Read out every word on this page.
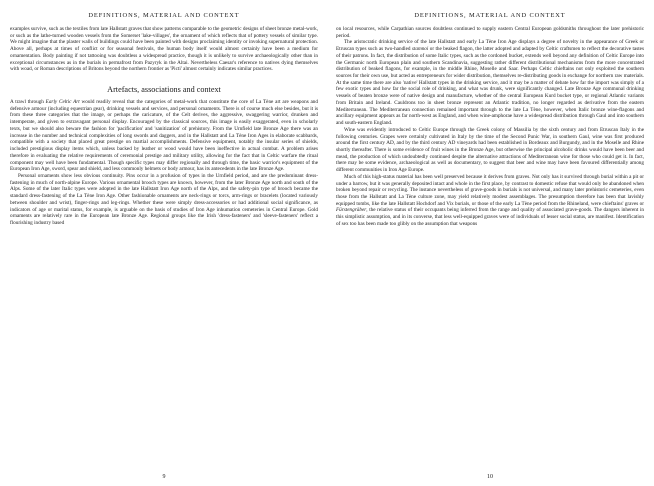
DEFINITIONS, MATERIAL AND CONTEXT

examples survive, such as the textiles from late Hallstatt graves that show patterns comparable to the geometric designs of sheet bronze metal-work, or such as the lathe-turned wooden vessels from the Somerset 'lake-villages', the ornament of which reflects that of pottery vessels of similar type. We might imagine that the plaster walls of buildings could have been painted with designs proclaiming identity or invoking supernatural protection. Above all, perhaps at times of conflict or for seasonal festivals, the human body itself would almost certainly have been a medium for ornamentation. Body painting if not tattooing was doubtless a widespread practice, though it is unlikely to survive archaeologically other than in exceptional circumstances as in the burials in permafrost from Pazyryk in the Altai. Nevertheless Caesar's reference to natives dying themselves with woad, or Roman descriptions of Britons beyond the northern frontier as 'Picti' almost certainly indicates similar practices.

Artefacts, associations and context

A trawl through Early Celtic Art would readily reveal that the categories of metal-work that constitute the core of La Tène art are weapons and defensive armour (including equestrian gear), drinking vessels and services, and personal ornaments. There is of course much else besides, but it is from these three categories that the image, or perhaps the caricature, of the Celt derives, the aggressive, swaggering warrior, drunken and intemperate, and given to extravagant personal display. Encouraged by the classical sources, this image is easily exaggerated, even in scholarly texts, but we should also beware the fashion for 'pacification' and 'sanitization' of prehistory. From the Urnfield late Bronze Age there was an increase in the number and technical complexities of long swords and daggers, and in the Hallstatt and La Tène Iron Ages in elaborate scabbards, compatible with a society that placed great prestige on martial accomplishments. Defensive equipment, notably the insular series of shields, included prestigious display items which, unless backed by leather or wood would have been ineffective in actual combat. A problem arises therefore in evaluating the relative requirements of ceremonial prestige and military utility, allowing for the fact that in Celtic warfare the ritual component may well have been fundamental. Though specific types may differ regionally and through time, the basic warrior's equipment of the European Iron Age, sword, spear and shield, and less commonly helmets or body armour, has its antecedents in the late Bronze Age.

Personal ornaments show less obvious continuity. Pins occur in a profusion of types in the Urnfield period, and are the predominant dress-fastening in much of north-alpine Europe. Various ornamental brooch types are known, however, from the later Bronze Age north and south of the Alps. Some of the later Italic types were adopted in the late Hallstatt Iron Age north of the Alps, and the safety-pin type of brooch became the standard dress-fastening of the La Tène Iron Age. Other fashionable ornaments are neck-rings or torcs, arm-rings or bracelets (located variously between shoulder and wrist), finger-rings and leg-rings. Whether these were simply dress-accessories or had additional social significance, as indicators of age or marital status, for example, is arguable on the basis of studies of Iron Age inhumation cemeteries in Central Europe. Gold ornaments are relatively rare in the European late Bronze Age. Regional groups like the Irish 'dress-fasteners' and 'sleeve-fasteners' reflect a flourishing industry based

9
DEFINITIONS, MATERIAL AND CONTEXT

on local resources, while Carpathian sources doubtless continued to supply eastern Central European goldsmiths throughout the later prehistoric period.

The aristocratic drinking service of the late Hallstatt and early La Tène Iron Age displays a degree of novelty in the appearance of Greek or Etruscan types such as two-handled stamnoi or the beaked flagon, the latter adopted and adapted by Celtic craftsmen to reflect the decorative tastes of their patrons. In fact, the distribution of some Italic types, such as the cordoned bucket, extends well beyond any definition of Celtic Europe into the Germanic north European plain and southern Scandinavia, suggesting rather different distributional mechanisms from the more concentrated distribution of beaked flagons, for example, in the middle Rhine, Moselle and Saar. Perhaps Celtic chieftains not only exploited the southern sources for their own use, but acted as entrepreneurs for wider distribution, themselves re-distributing goods in exchange for northern raw materials. At the same time there are also 'native' Hallstatt types in the drinking service, and it may be a matter of debate how far the import was simply of a few exotic types and how far the social role of drinking, and what was drunk, were significantly changed. Late Bronze Age communal drinking vessels of beaten bronze were of native design and manufacture, whether of the central European Kurd bucket type, or regional Atlantic variants from Britain and Ireland. Cauldrons too in sheet bronze represent an Atlantic tradition, no longer regarded as derivative from the eastern Mediterranean. The Mediterranean connection remained important through to the late La Tène, however, when Italic bronze wine-flagons and ancillary equipment appears as far north-west as England, and when wine-amphorae have a widespread distribution through Gaul and into southern and south-eastern England.

Wine was evidently introduced to Celtic Europe through the Greek colony of Massilia by the sixth century and from Etruscan Italy in the following centuries. Grapes were certainly cultivated in Italy by the time of the Second Punic War, in southern Gaul, wine was first produced around the first century AD, and by the third century AD vineyards had been established in Bordeaux and Burgundy, and in the Moselle and Rhine shortly thereafter. There is some evidence of fruit wines in the Bronze Age, but otherwise the principal alcoholic drinks would have been beer and mead, the production of which undoubtedly continued despite the alternative attractions of Mediterranean wine for those who could get it. In fact, there may be some evidence, archaeological as well as documentary, to suggest that beer and wine may have been favoured differentially among different communities in Iron Age Europe.

Much of this high-status material has been well preserved because it derives from graves. Not only has it survived through burial within a pit or under a barrow, but it was generally deposited intact and whole in the first place, by contrast to domestic refuse that would only be abandoned when broken beyond repair or recycling. The instance nevertheless of grave-goods in burials is not universal, and many later prehistoric cemeteries, even those from the Hallstatt and La Tène culture zone, may yield relatively modest assemblages. The presumption therefore has been that lavishly equipped tombs, like the late Hallstatt Hochdorf and Vix burials, or those of the early La Tène period from the Rhineland, were chieftains' graves or Fürstengräber, the relative status of their occupants being inferred from the range and quality of associated grave-goods. The dangers inherent in this simplistic assumption, and in its converse, that less well-equipped graves were of individuals of lesser social status, are manifest. Identification of sex too has been made too glibly on the assumption that weapons

10
